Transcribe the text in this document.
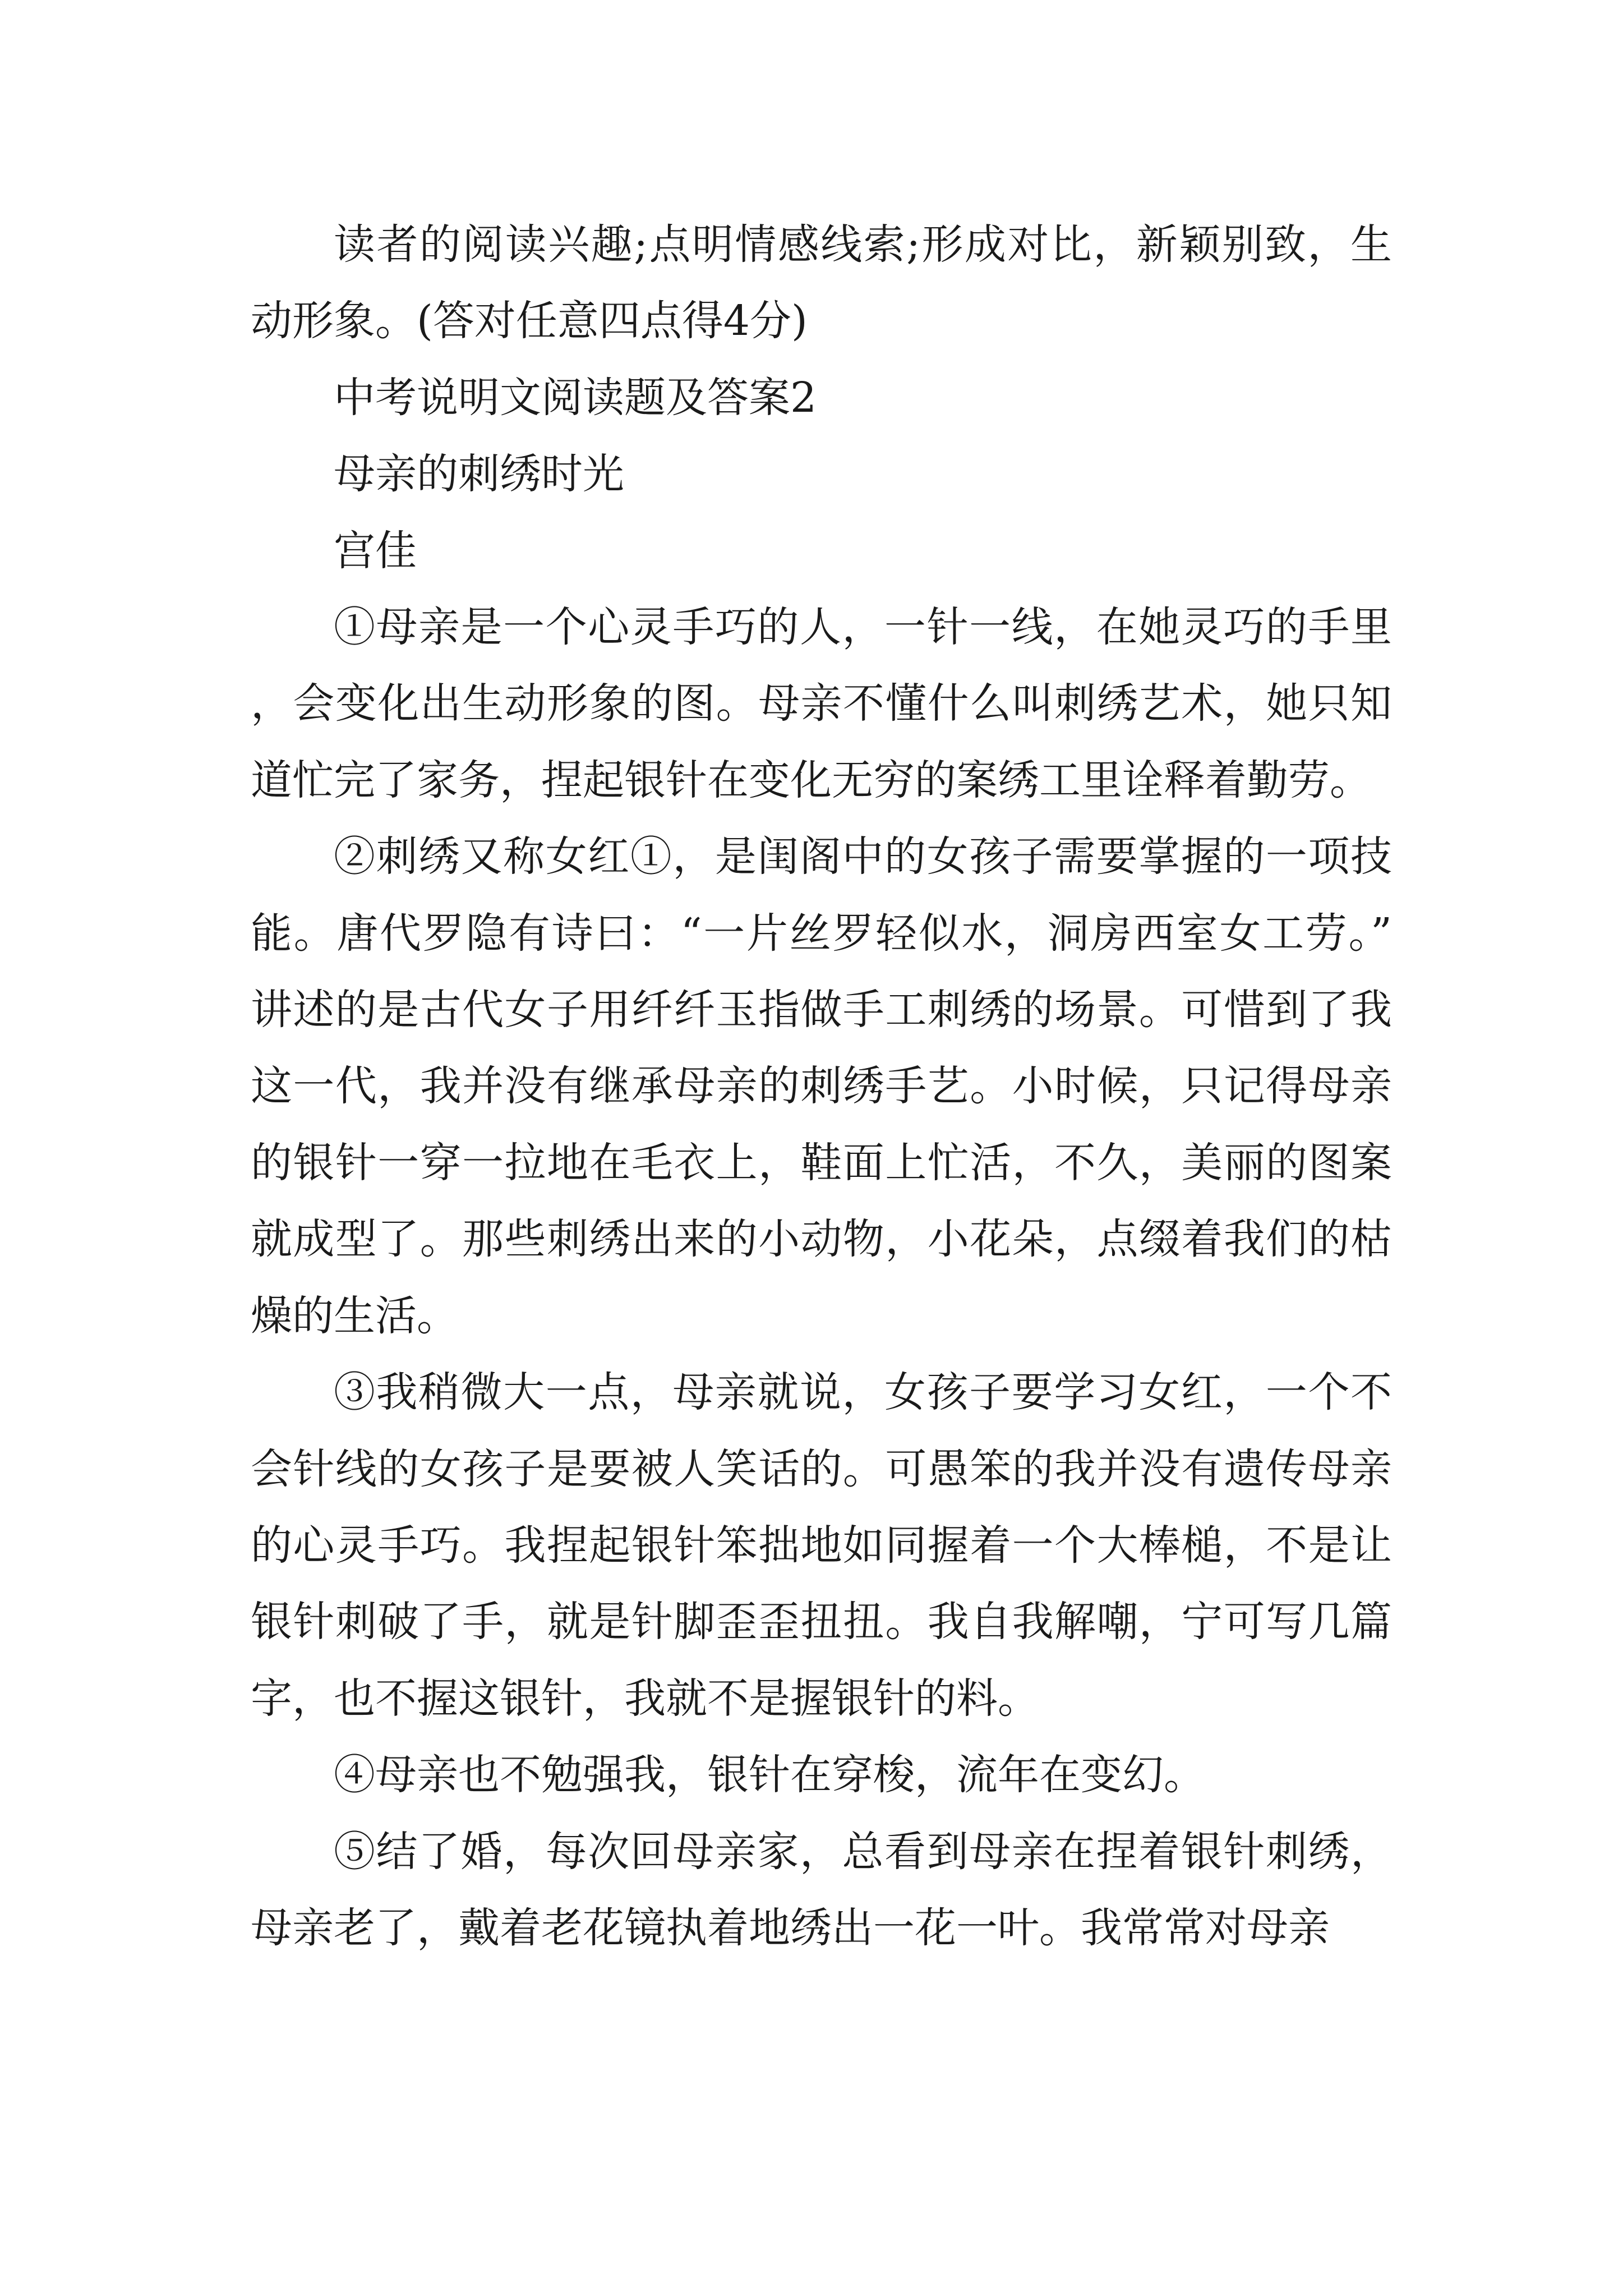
读者的阅读兴趣;点明情感线索;形成对比，新颖别致，生动形象。(答对任意四点得4分)

中考说明文阅读题及答案2

母亲的刺绣时光

宫佳

①母亲是一个心灵手巧的人，一针一线，在她灵巧的手里，会变化出生动形象的图。母亲不懂什么叫刺绣艺术，她只知道忙完了家务，捏起银针在变化无穷的案绣工里诠释着勤劳。

②刺绣又称女红①，是闺阁中的女孩子需要掌握的一项技能。唐代罗隐有诗曰：“一片丝罗轻似水，洞房西室女工劳。”讲述的是古代女子用纤纤玉指做手工刺绣的场景。可惜到了我这一代，我并没有继承母亲的刺绣手艺。小时候，只记得母亲的银针一穿一拉地在毛衣上，鞋面上忙活，不久，美丽的图案就成型了。那些刺绣出来的小动物，小花朵，点缀着我们的枯燥的生活。

③我稍微大一点，母亲就说，女孩子要学习女红，一个不会针线的女孩子是要被人笑话的。可愚笨的我并没有遗传母亲的心灵手巧。我捏起银针笨拙地如同握着一个大棒槌，不是让银针刺破了手，就是针脚歪歪扭扭。我自我解嘲，宁可写几篇字，也不握这银针，我就不是握银针的料。

④母亲也不勉强我，银针在穿梭，流年在变幻。

⑤结了婚，每次回母亲家，总看到母亲在捏着银针刺绣，母亲老了，戴着老花镜执着地绣出一花一叶。我常常对母亲
